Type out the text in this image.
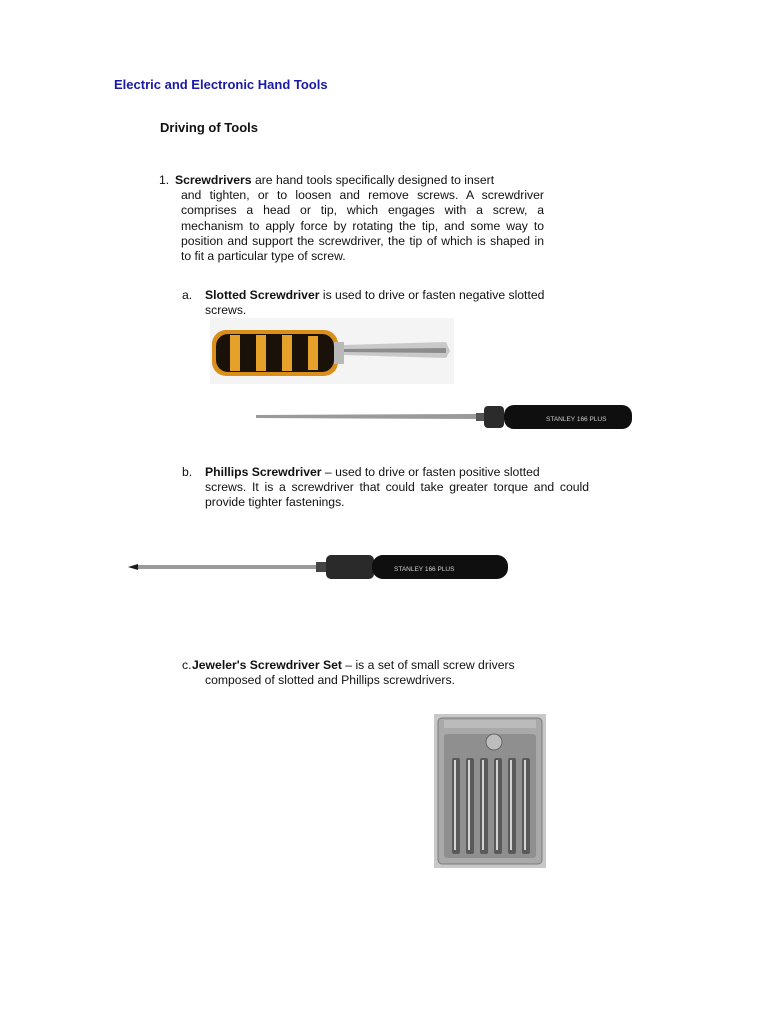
Electric and Electronic Hand Tools
Driving of Tools
1. Screwdrivers are hand tools specifically designed to insert
and tighten, or to loosen and remove screws. A screwdriver comprises a head or tip, which engages with a screw, a mechanism to apply force by rotating the tip, and some way to position and support the screwdriver, the tip of which is shaped in to fit a particular type of screw.
a. Slotted Screwdriver is used to drive or fasten negative slotted
screws.
STANLEY 166 PLUS
b. Phillips Screwdriver – used to drive or fasten positive slotted
screws. It is a screwdriver that could take greater torque and could provide tighter fastenings.
STANLEY 166 PLUS
c.Jeweler's Screwdriver Set – is a set of small screw drivers
composed of slotted and Phillips screwdrivers.
